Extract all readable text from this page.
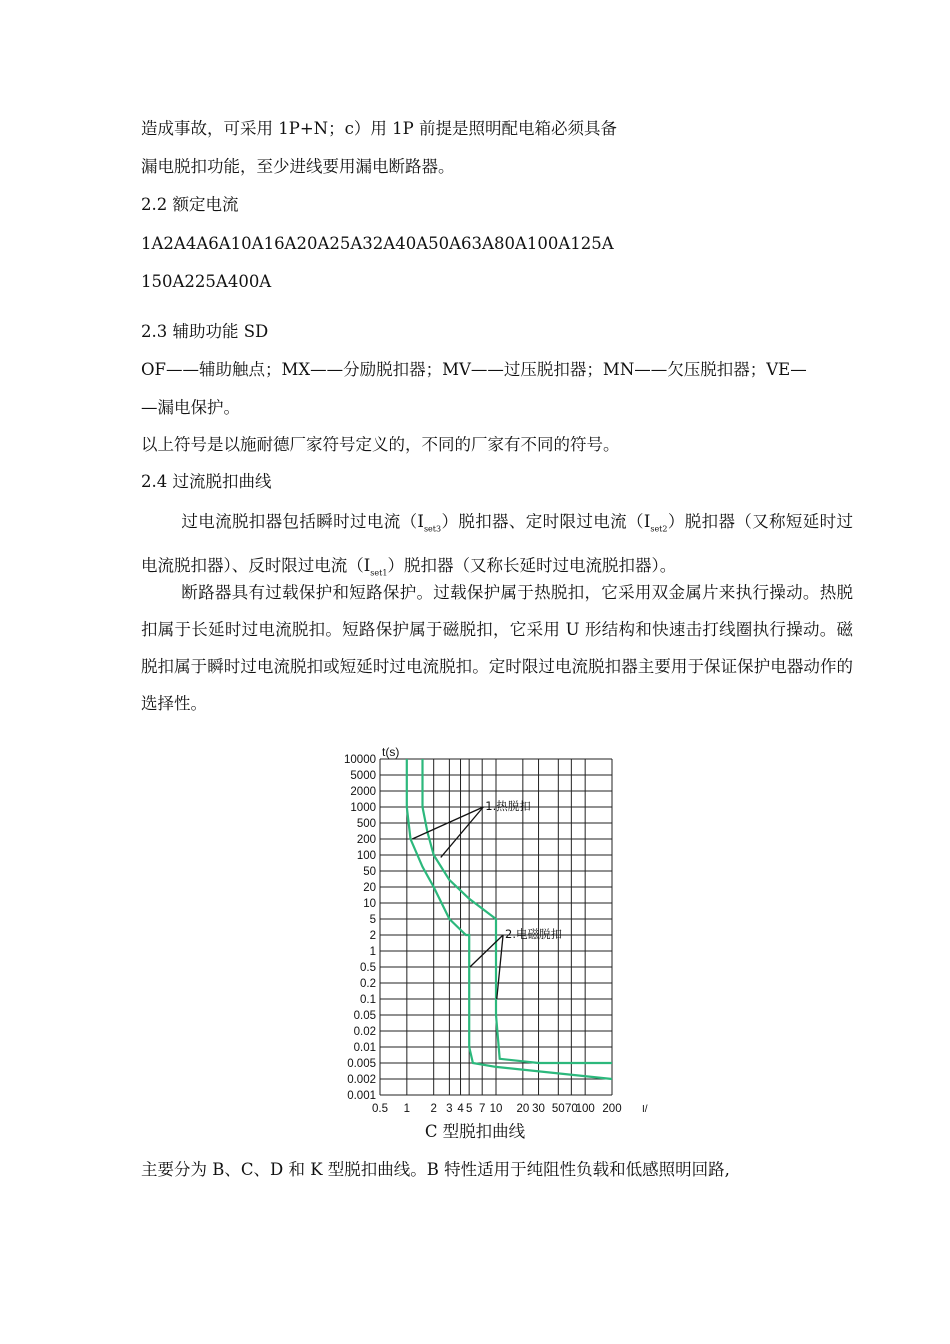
造成事故，可采用 1P+N；c）用 1P 前提是照明配电箱必须具备
漏电脱扣功能，至少进线要用漏电断路器。
2.2 额定电流
1A2A4A6A10A16A20A25A32A40A50A63A80A100A125A
150A225A400A
2.3 辅助功能 SD
OF——辅助触点；MX——分励脱扣器；MV——过压脱扣器；MN——欠压脱扣器；VE—
—漏电保护。
以上符号是以施耐德厂家符号定义的，不同的厂家有不同的符号。
2.4 过流脱扣曲线
过电流脱扣器包括瞬时过电流$(I_{set3})$脱扣器、定时限过电流$(I_{set2})$脱扣器（又称短延时过电流脱扣器）、反时限过电流$(I_{set1})$脱扣器（又称长延时过电流脱扣器）。
断路器具有过载保护和短路保护。过载保护属于热脱扣，它采用双金属片来执行操动。热脱扣属于长延时过电流脱扣。短路保护属于磁脱扣，它采用 U 形结构和快速击打线圈执行操动。磁脱扣属于瞬时过电流脱扣或短延时过电流脱扣。定时限过电流脱扣器主要用于保证保护电器动作的选择性。
10000
5000
2000
1000
500
200
100
50
20
10
5
2
1
0.5
0.2
0.1
0.05
0.02
0.01
0.005
0.002
0.001
0.5 1 2 3 4 5 7 10 20 30 50 70
100 200
t(s)
I/
1.热脱扣
2.电磁脱扣
C 型脱扣曲线
主要分为 B、C、D 和 K 型脱扣曲线。B 特性适用于纯阻性负载和低感照明回路,
